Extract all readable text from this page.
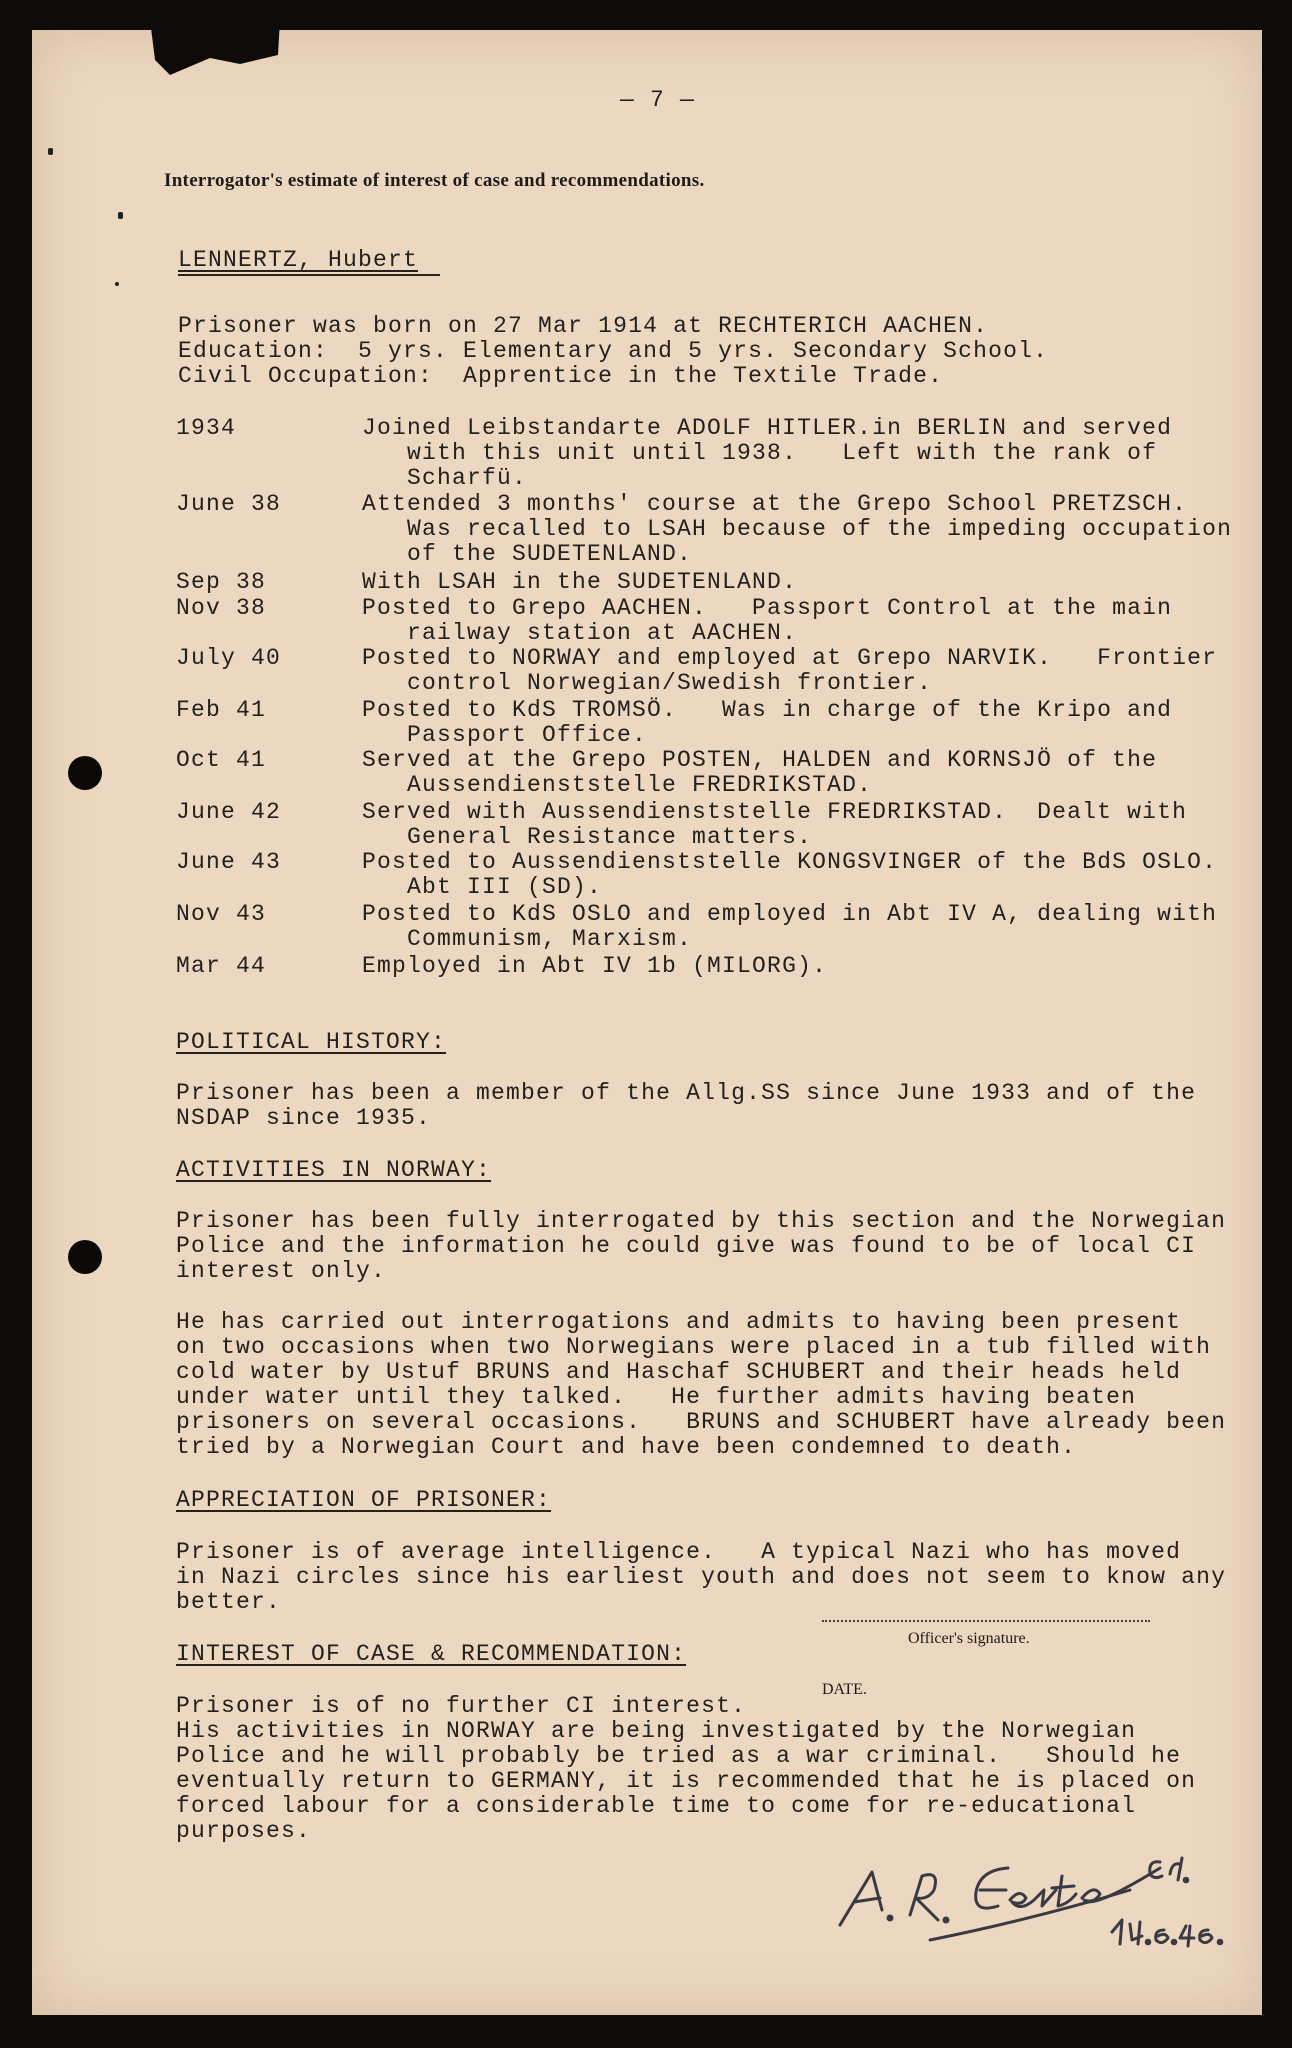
— 7 —
Interrogator's estimate of interest of case and recommendations.
LENNERTZ, Hubert
Prisoner was born on 27 Mar 1914 at RECHTERICH AACHEN.
Education:  5 yrs. Elementary and 5 yrs. Secondary School.
Civil Occupation:  Apprentice in the Textile Trade.
1934	Joined Leibstandarte ADOLF HITLER.in BERLIN and served
with this unit until 1938.   Left with the rank of
Scharfü.
June 38	Attended 3 months' course at the Grepo School PRETZSCH.
Was recalled to LSAH because of the impeding occupation
of the SUDETENLAND.
Sep 38	With LSAH in the SUDETENLAND.
Nov 38	Posted to Grepo AACHEN.   Passport Control at the main
railway station at AACHEN.
July 40	Posted to NORWAY and employed at Grepo NARVIK.   Frontier
control Norwegian/Swedish frontier.
Feb 41	Posted to KdS TROMSÖ.   Was in charge of the Kripo and
Passport Office.
Oct 41	Served at the Grepo POSTEN, HALDEN and KORNSJÖ of the
Aussendienststelle FREDRIKSTAD.
June 42	Served with Aussendienststelle FREDRIKSTAD.  Dealt with
General Resistance matters.
June 43	Posted to Aussendienststelle KONGSVINGER of the BdS OSLO.
Abt III (SD).
Nov 43	Posted to KdS OSLO and employed in Abt IV A, dealing with
Communism, Marxism.
Mar 44	Employed in Abt IV 1b (MILORG).
POLITICAL HISTORY:
Prisoner has been a member of the Allg.SS since June 1933 and of the
NSDAP since 1935.
ACTIVITIES IN NORWAY:
Prisoner has been fully interrogated by this section and the Norwegian
Police and the information he could give was found to be of local CI
interest only.
He has carried out interrogations and admits to having been present
on two occasions when two Norwegians were placed in a tub filled with
cold water by Ustuf BRUNS and Haschaf SCHUBERT and their heads held
under water until they talked.   He further admits having beaten
prisoners on several occasions.   BRUNS and SCHUBERT have already been
tried by a Norwegian Court and have been condemned to death.
APPRECIATION OF PRISONER:
Prisoner is of average intelligence.   A typical Nazi who has moved
in Nazi circles since his earliest youth and does not seem to know any
better.
Officer's signature.
INTEREST OF CASE & RECOMMENDATION:
DATE.
Prisoner is of no further CI interest.
His activities in NORWAY are being investigated by the Norwegian
Police and he will probably be tried as a war criminal.   Should he
eventually return to GERMANY, it is recommended that he is placed on
forced labour for a considerable time to come for re-educational
purposes.
